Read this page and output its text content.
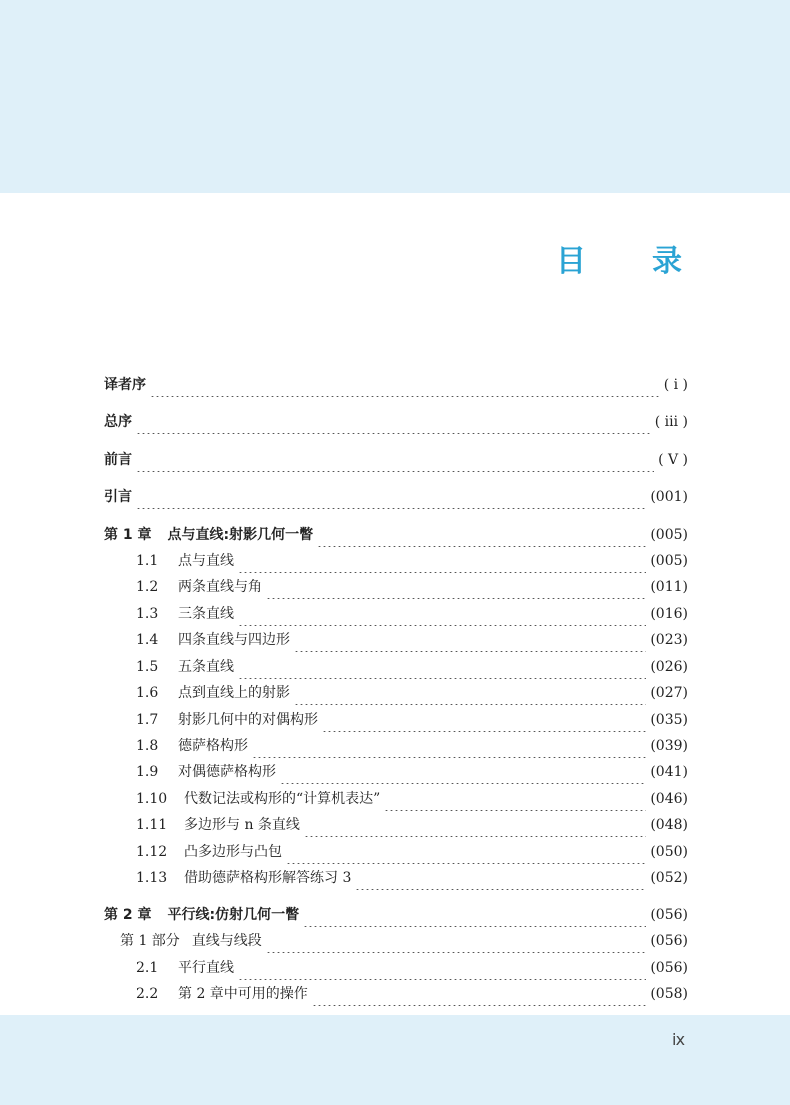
目 录
译者序	( ⅰ )
总序	( ⅲ )
前言	( Ⅴ )
引言	(001)
第 1 章 点与直线:射影几何一瞥	(005)
1.1	点与直线	(005)
1.2	两条直线与角	(011)
1.3	三条直线	(016)
1.4	四条直线与四边形	(023)
1.5	五条直线	(026)
1.6	点到直线上的射影	(027)
1.7	射影几何中的对偶构形	(035)
1.8	德萨格构形	(039)
1.9	对偶德萨格构形	(041)
1.10	代数记法或构形的“计算机表达”	(046)
1.11	多边形与 n 条直线	(048)
1.12	凸多边形与凸包	(050)
1.13	借助德萨格构形解答练习 3	(052)
第 2 章 平行线:仿射几何一瞥	(056)
第 1 部分 直线与线段	(056)
2.1	平行直线	(056)
2.2	第 2 章中可用的操作	(058)
ⅸ
